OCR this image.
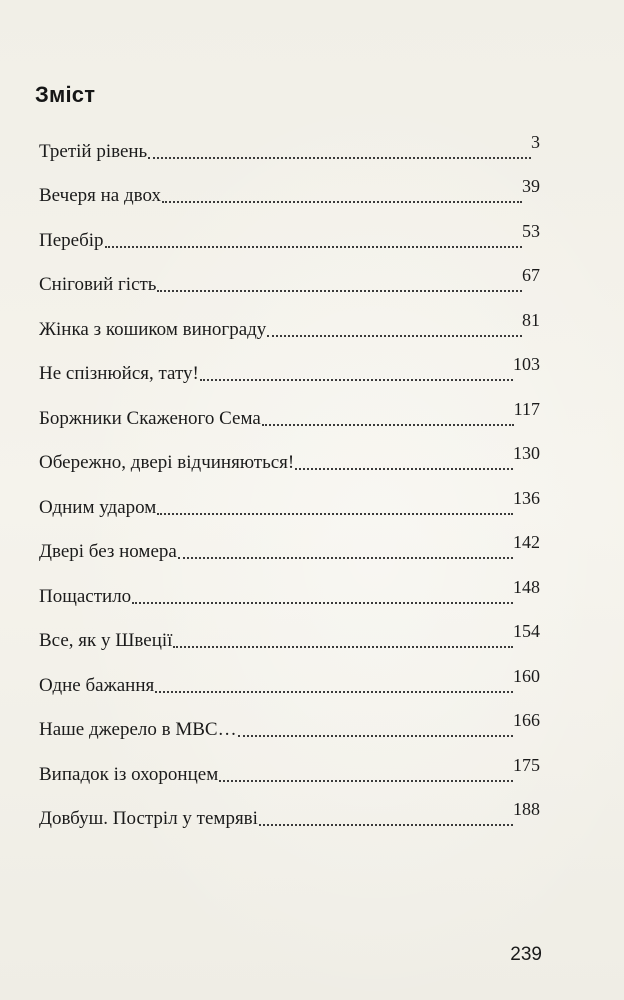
Зміст
Третій рівень	3
Вечеря на двох	39
Перебір	53
Сніговий гість	67
Жінка з кошиком винограду	81
Не спізнюйся, тату!	103
Боржники Скаженого Сема	117
Обережно, двері відчиняються!	130
Одним ударом	136
Двері без номера	142
Пощастило	148
Все, як у Швеції	154
Одне бажання	160
Наше джерело в МВС…	166
Випадок із охоронцем	175
Довбуш. Постріл у темряві	188
239
